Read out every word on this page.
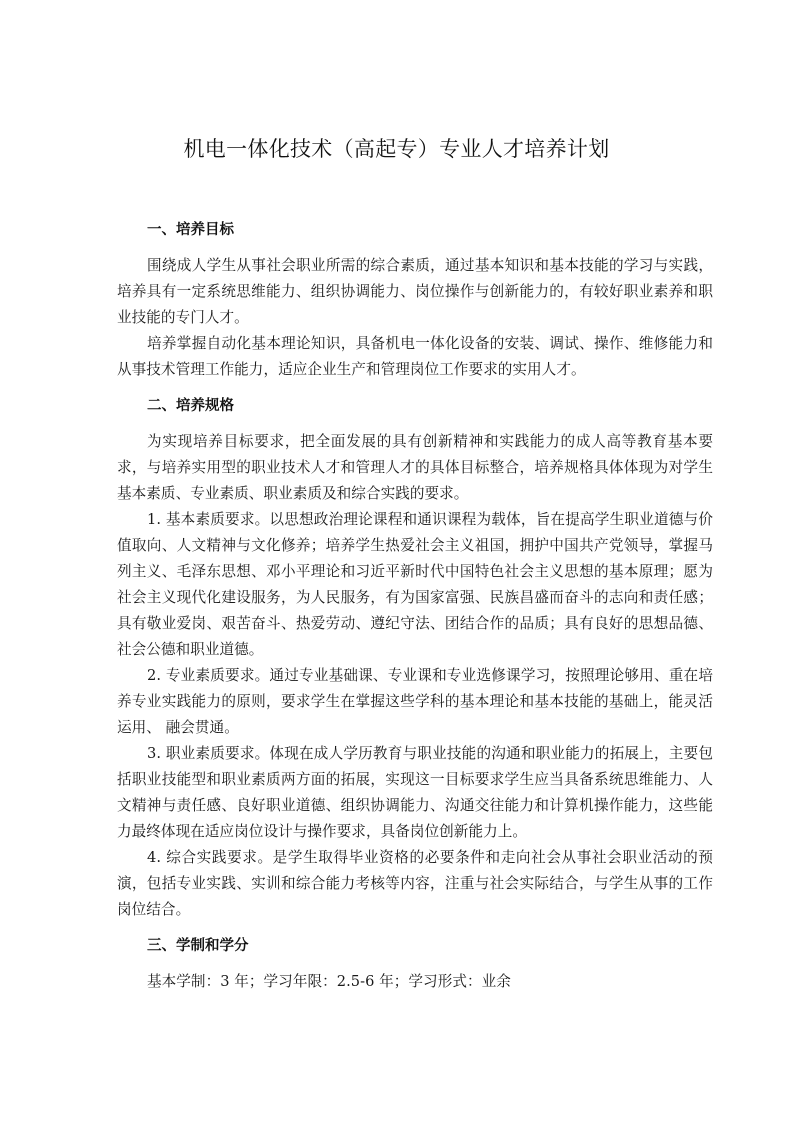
机电一体化技术（高起专）专业人才培养计划
一、培养目标

围绕成人学生从事社会职业所需的综合素质，通过基本知识和基本技能的学习与实践，培养具有一定系统思维能力、组织协调能力、岗位操作与创新能力的，有较好职业素养和职业技能的专门人才。

培养掌握自动化基本理论知识，具备机电一体化设备的安装、调试、操作、维修能力和从事技术管理工作能力，适应企业生产和管理岗位工作要求的实用人才。

二、培养规格

为实现培养目标要求，把全面发展的具有创新精神和实践能力的成人高等教育基本要求，与培养实用型的职业技术人才和管理人才的具体目标整合，培养规格具体体现为对学生基本素质、专业素质、职业素质及和综合实践的要求。

1. 基本素质要求。以思想政治理论课程和通识课程为载体，旨在提高学生职业道德与价值取向、人文精神与文化修养；培养学生热爱社会主义祖国，拥护中国共产党领导，掌握马列主义、毛泽东思想、邓小平理论和习近平新时代中国特色社会主义思想的基本原理；愿为社会主义现代化建设服务，为人民服务，有为国家富强、民族昌盛而奋斗的志向和责任感；具有敬业爱岗、艰苦奋斗、热爱劳动、遵纪守法、团结合作的品质；具有良好的思想品德、社会公德和职业道德。

2. 专业素质要求。通过专业基础课、专业课和专业选修课学习，按照理论够用、重在培养专业实践能力的原则，要求学生在掌握这些学科的基本理论和基本技能的基础上，能灵活运用、 融会贯通。

3. 职业素质要求。体现在成人学历教育与职业技能的沟通和职业能力的拓展上，主要包括职业技能型和职业素质两方面的拓展，实现这一目标要求学生应当具备系统思维能力、人文精神与责任感、良好职业道德、组织协调能力、沟通交往能力和计算机操作能力，这些能力最终体现在适应岗位设计与操作要求，具备岗位创新能力上。

4. 综合实践要求。是学生取得毕业资格的必要条件和走向社会从事社会职业活动的预演，包括专业实践、实训和综合能力考核等内容，注重与社会实际结合，与学生从事的工作岗位结合。

三、学制和学分

基本学制：3 年；学习年限：2.5-6 年；学习形式：业余
